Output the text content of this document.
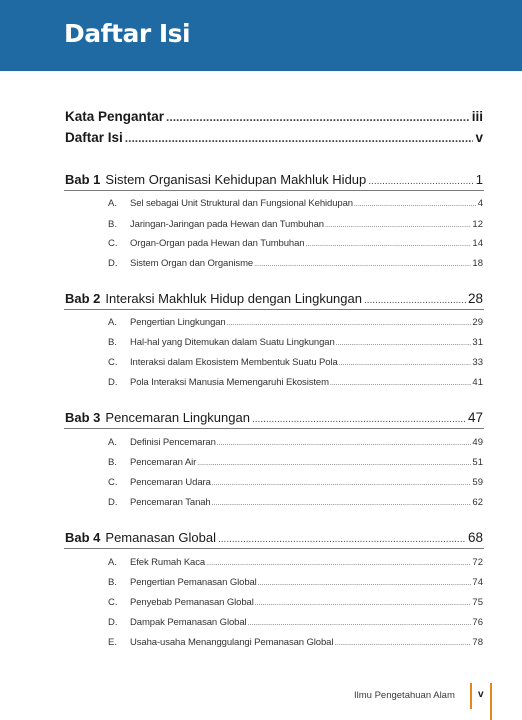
Daftar Isi
Kata Pengantar .....	iii
Daftar Isi .....	v
Bab 1 Sistem Organisasi Kehidupan Makhluk Hidup .....	1
A.	Sel sebagai Unit Struktural dan Fungsional Kehidupan .....	4
B.	Jaringan-Jaringan pada Hewan dan Tumbuhan .....	12
C.	Organ-Organ pada Hewan dan Tumbuhan .....	14
D.	Sistem Organ dan Organisme .....	18
Bab 2 Interaksi Makhluk Hidup dengan Lingkungan .....	28
A.	Pengertian Lingkungan .....	29
B.	Hal-hal yang Ditemukan dalam Suatu Lingkungan .....	31
C.	Interaksi dalam Ekosistem Membentuk Suatu Pola .....	33
D.	Pola Interaksi Manusia Memengaruhi Ekosistem .....	41
Bab 3 Pencemaran Lingkungan .....	47
A.	Definisi Pencemaran .....	49
B.	Pencemaran Air .....	51
C.	Pencemaran Udara .....	59
D.	Pencemaran Tanah .....	62
Bab 4 Pemanasan Global .....	68
A.	Efek Rumah Kaca .....	72
B.	Pengertian Pemanasan Global .....	74
C.	Penyebab Pemanasan Global .....	75
D.	Dampak Pemanasan Global .....	76
E.	Usaha-usaha Menanggulangi Pemanasan Global .....	78
Ilmu Pengetahuan Alam v
